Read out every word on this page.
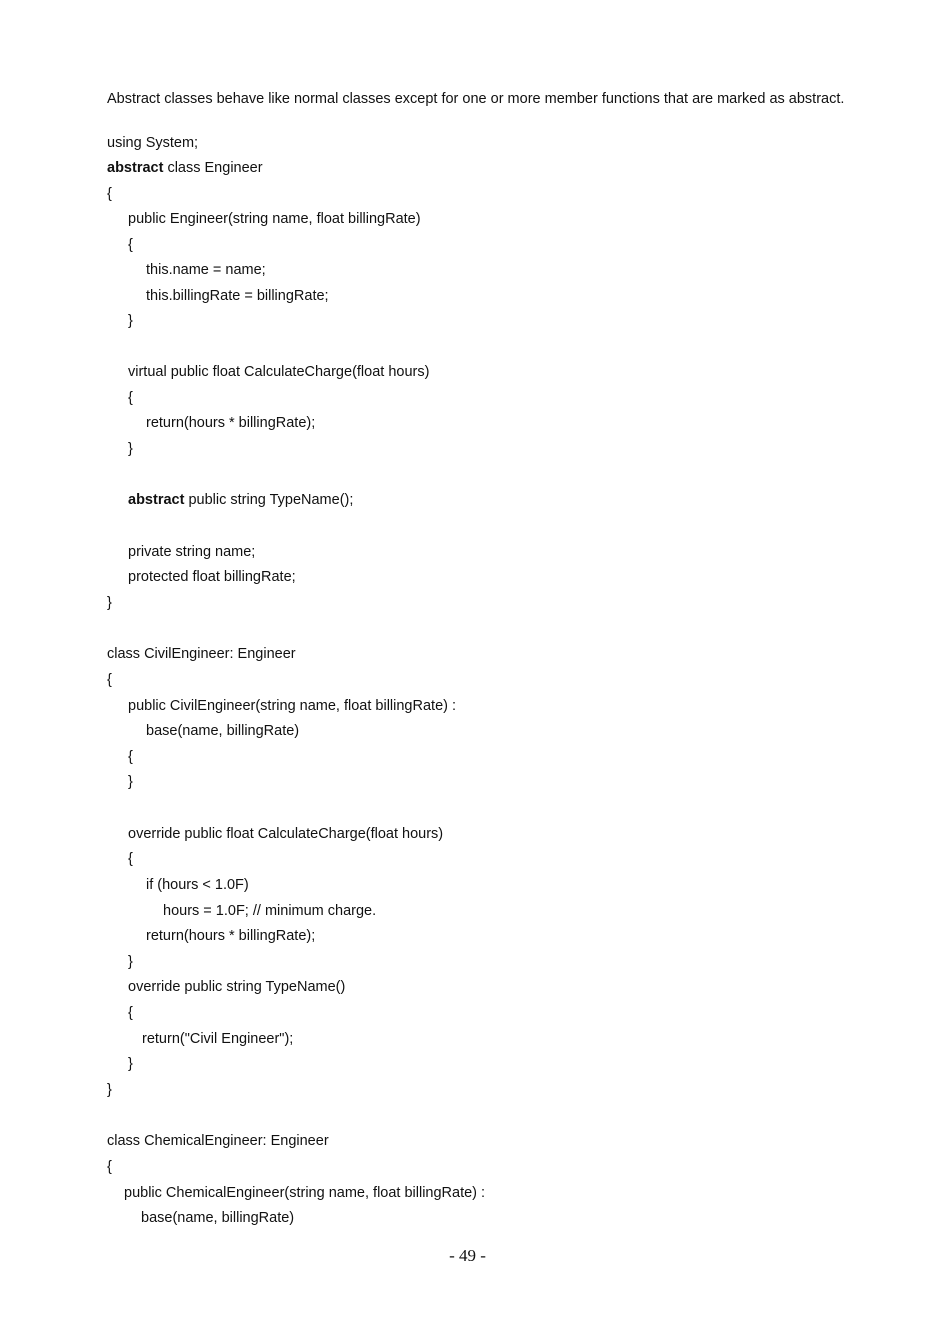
Abstract classes behave like normal classes except for one or more member functions that are marked as abstract.
using System;
abstract class Engineer
{
public Engineer(string name, float billingRate)
{
this.name = name;
this.billingRate = billingRate;
}
virtual public float CalculateCharge(float hours)
{
return(hours * billingRate);
}
abstract public string TypeName();
private string name;
protected float billingRate;
}
class CivilEngineer: Engineer
{
public CivilEngineer(string name, float billingRate) :
base(name, billingRate)
{
}
override public float CalculateCharge(float hours)
{
if (hours < 1.0F)
hours = 1.0F; // minimum charge.
return(hours * billingRate);
}
override public string TypeName()
{
return("Civil Engineer");
}
}
class ChemicalEngineer: Engineer
{
public ChemicalEngineer(string name, float billingRate) :
base(name, billingRate)
- 49 -
